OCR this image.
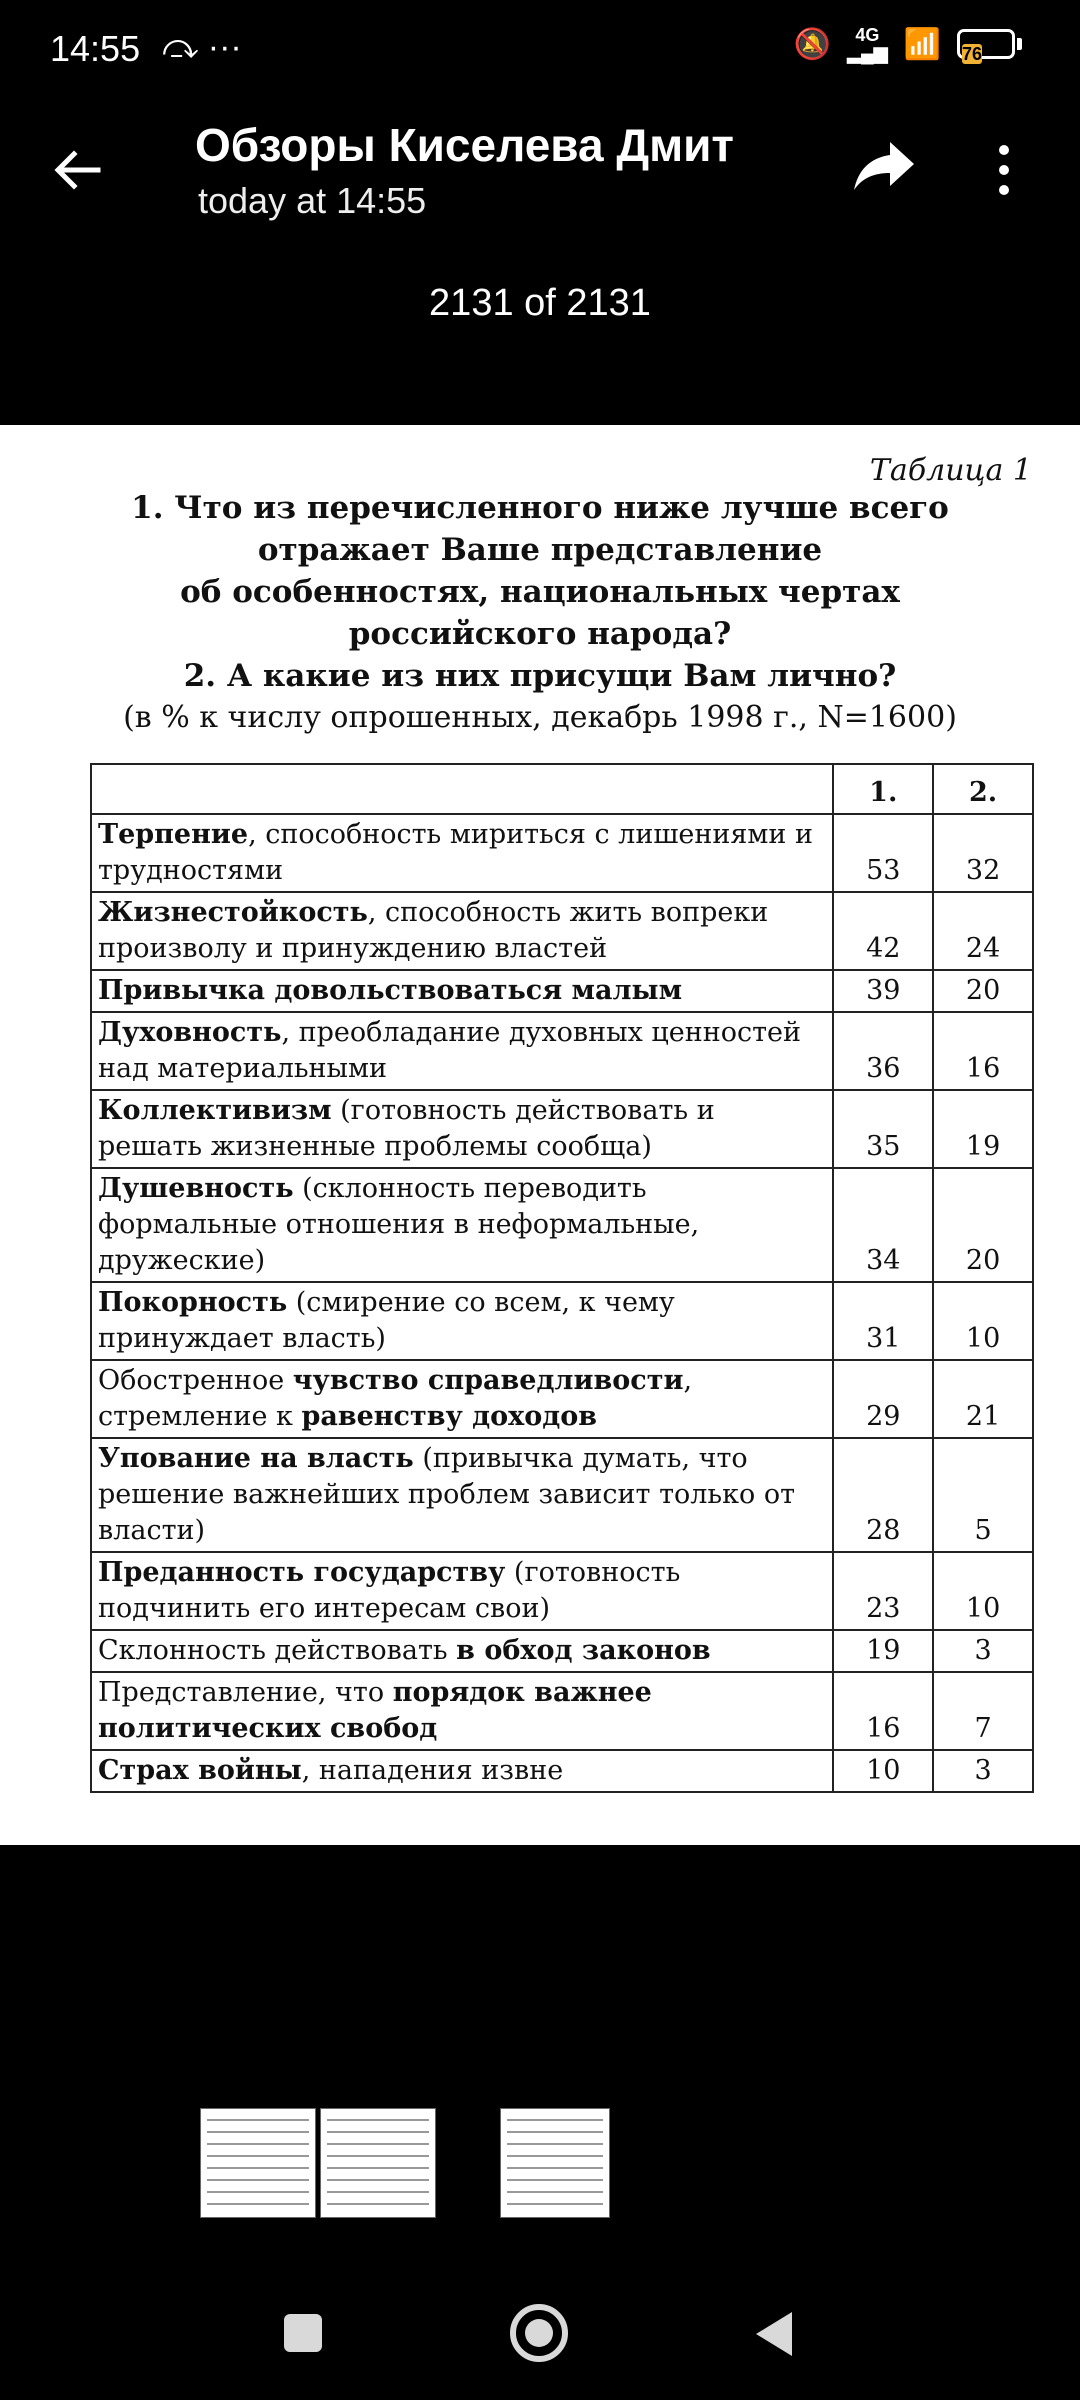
14:55 ⤼ ···	🔕	4G
▂▄▆ 📶 76
Обзоры Киселева Дмит
today at 14:55
2131 of 2131
Таблица 1
1. Что из перечисленного ниже лучше всего
отражает Ваше представление
об особенностях, национальных чертах
российского народа?
2. А какие из них присущи Вам лично?
(в % к числу опрошенных, декабрь 1998 г., N=1600)
	1.	2.
Терпение, способность мириться с лишениями и трудностями	53	32
Жизнестойкость, способность жить вопреки произволу и принуждению властей	42	24
Привычка довольствоваться малым	39	20
Духовность, преобладание духовных ценностей над материальными	36	16
Коллективизм (готовность действовать и решать жизненные проблемы сообща)	35	19
Душевность (склонность переводить формальные отношения в неформальные, дружеские)	34	20
Покорность (смирение со всем, к чему принуждает власть)	31	10
Обостренное чувство справедливости, стремление к равенству доходов	29	21
Упование на власть (привычка думать, что решение важнейших проблем зависит только от власти)	28	5
Преданность государству (готовность подчинить его интересам свои)	23	10
Склонность действовать в обход законов	19	3
Представление, что порядок важнее политических свобод	16	7
Страх войны, нападения извне	10	3
